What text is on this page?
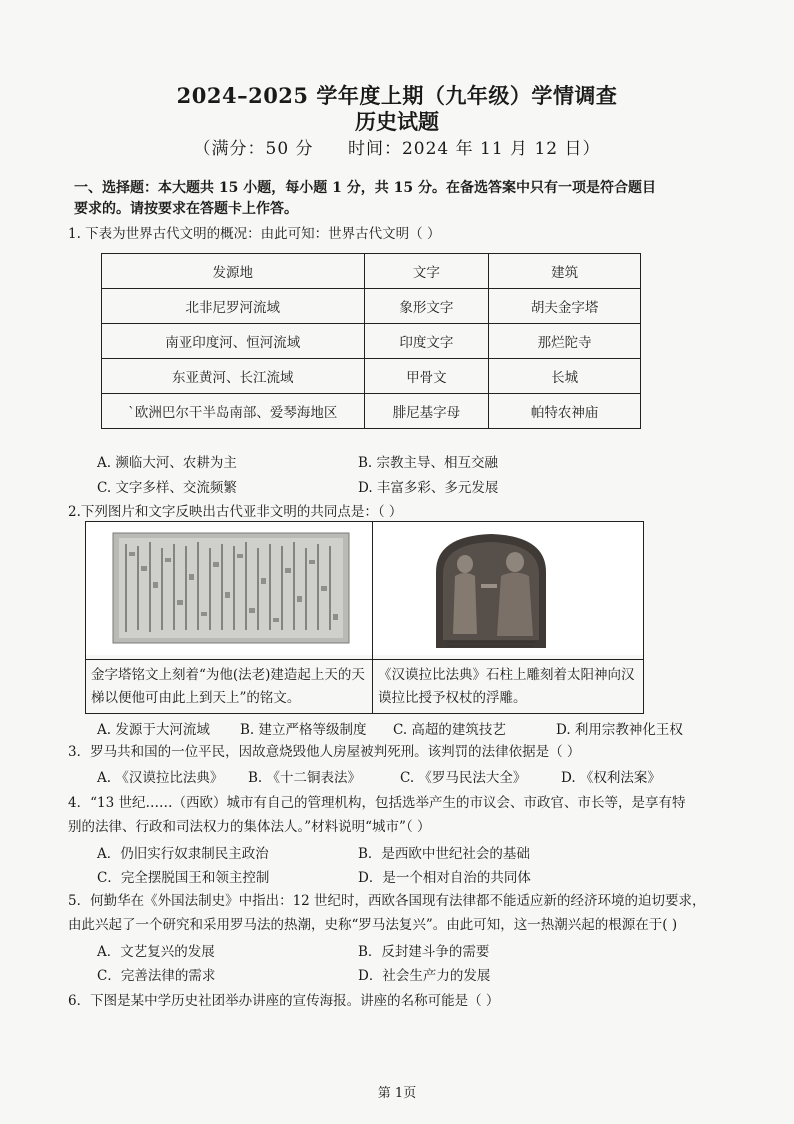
2024–2025 学年度上期（九年级）学情调查
历史试题
（满分：50 分 时间：2024 年 11 月 12 日）
一、选择题：本大题共 15 小题，每小题 1 分，共 15 分。在备选答案中只有一项是符合题目
要求的。请按要求在答题卡上作答。
1. 下表为世界古代文明的概况：由此可知：世界古代文明（ ）
发源地	文字	建筑
北非尼罗河流域	象形文字	胡夫金字塔
南亚印度河、恒河流域	印度文字	那烂陀寺
东亚黄河、长江流域	甲骨文	长城
`欧洲巴尔干半岛南部、爱琴海地区	腓尼基字母	帕特农神庙
A. 濒临大河、农耕为主	B. 宗教主导、相互交融
C. 文字多样、交流频繁	D. 丰富多彩、多元发展
2.下列图片和文字反映出古代亚非文明的共同点是：（ ）

金字塔铭文上刻着“为他(法老)建造起上天的天梯以便他可由此上到天上”的铭文。	《汉谟拉比法典》石柱上雕刻着太阳神向汉谟拉比授予权杖的浮雕。
A. 发源于大河流域 B. 建立严格等级制度 C. 高超的建筑技艺	D. 利用宗教神化王权
3．罗马共和国的一位平民，因故意烧毁他人房屋被判死刑。该判罚的法律依据是（ ）
A. 《汉谟拉比法典》 B. 《十二铜表法》	C. 《罗马民法大全》	D. 《权利法案》
4．“13 世纪……（西欧）城市有自己的管理机构，包括选举产生的市议会、市政官、市长等，是享有特
别的法律、行政和司法权力的集体法人。”材料说明“城市”（ ）
A．仍旧实行奴隶制民主政治	B．是西欧中世纪社会的基础
C．完全摆脱国王和领主控制	D．是一个相对自治的共同体
5．何勤华在《外国法制史》中指出：12 世纪时，西欧各国现有法律都不能适应新的经济环境的迫切要求，
由此兴起了一个研究和采用罗马法的热潮，史称“罗马法复兴”。由此可知，这一热潮兴起的根源在于( )
A．文艺复兴的发展	B．反封建斗争的需要
C．完善法律的需求	D．社会生产力的发展
6．下图是某中学历史社团举办讲座的宣传海报。讲座的名称可能是（ ）
第 1页
